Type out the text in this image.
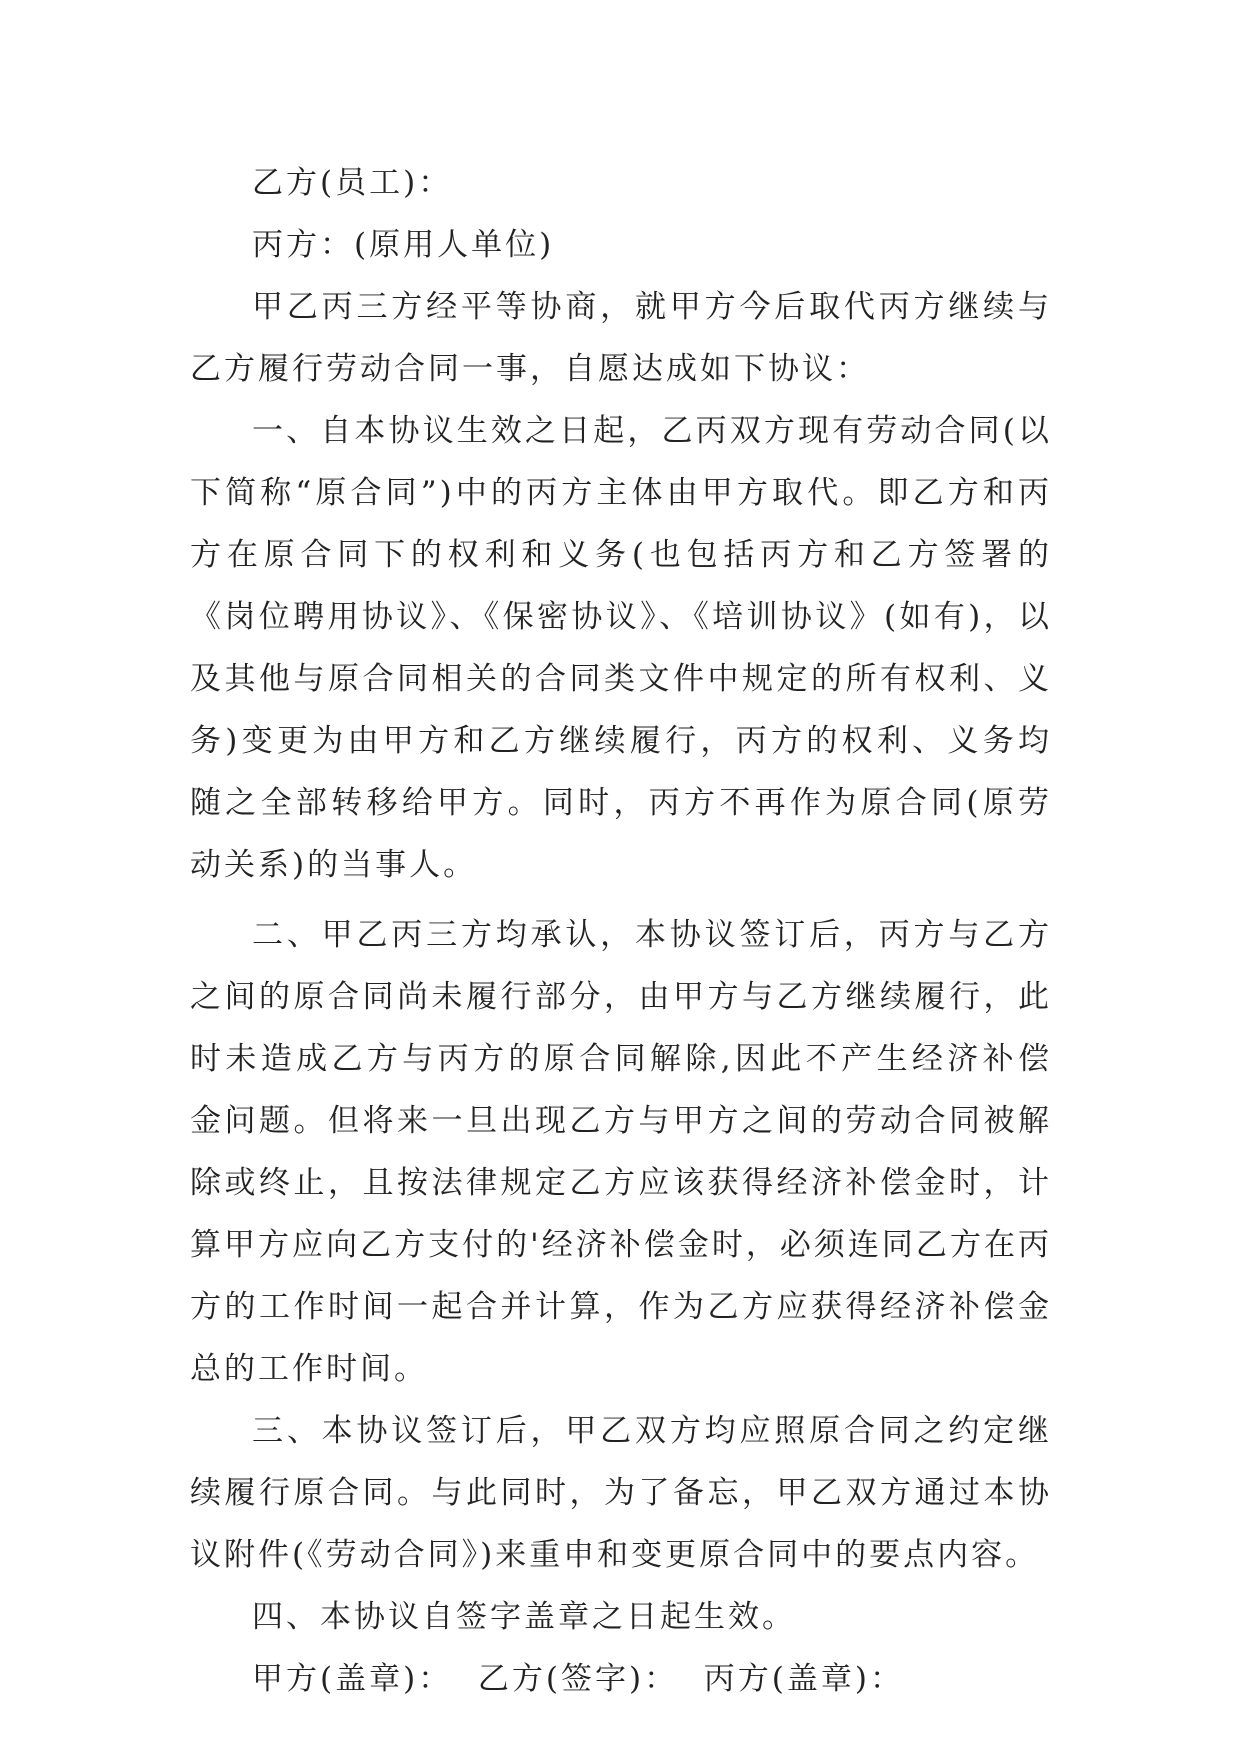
乙方(员工)：

丙方：(原用人单位)

甲乙丙三方经平等协商，就甲方今后取代丙方继续与乙方履行劳动合同一事，自愿达成如下协议：

一、自本协议生效之日起，乙丙双方现有劳动合同(以下简称“原合同”)中的丙方主体由甲方取代。即乙方和丙方在原合同下的权利和义务(也包括丙方和乙方签署的《岗位聘用协议》、《保密协议》、《培训协议》(如有)，以及其他与原合同相关的合同类文件中规定的所有权利、义务)变更为由甲方和乙方继续履行，丙方的权利、义务均随之全部转移给甲方。同时，丙方不再作为原合同(原劳动关系)的当事人。

二、甲乙丙三方均承认，本协议签订后，丙方与乙方之间的原合同尚未履行部分，由甲方与乙方继续履行，此时未造成乙方与丙方的原合同解除,因此不产生经济补偿金问题。但将来一旦出现乙方与甲方之间的劳动合同被解除或终止，且按法律规定乙方应该获得经济补偿金时，计算甲方应向乙方支付的'经济补偿金时，必须连同乙方在丙方的工作时间一起合并计算，作为乙方应获得经济补偿金总的工作时间。

三、本协议签订后，甲乙双方均应照原合同之约定继续履行原合同。与此同时，为了备忘，甲乙双方通过本协议附件(《劳动合同》)来重申和变更原合同中的要点内容。

四、本协议自签字盖章之日起生效。

甲方(盖章)：  乙方(签字)：  丙方(盖章)：
